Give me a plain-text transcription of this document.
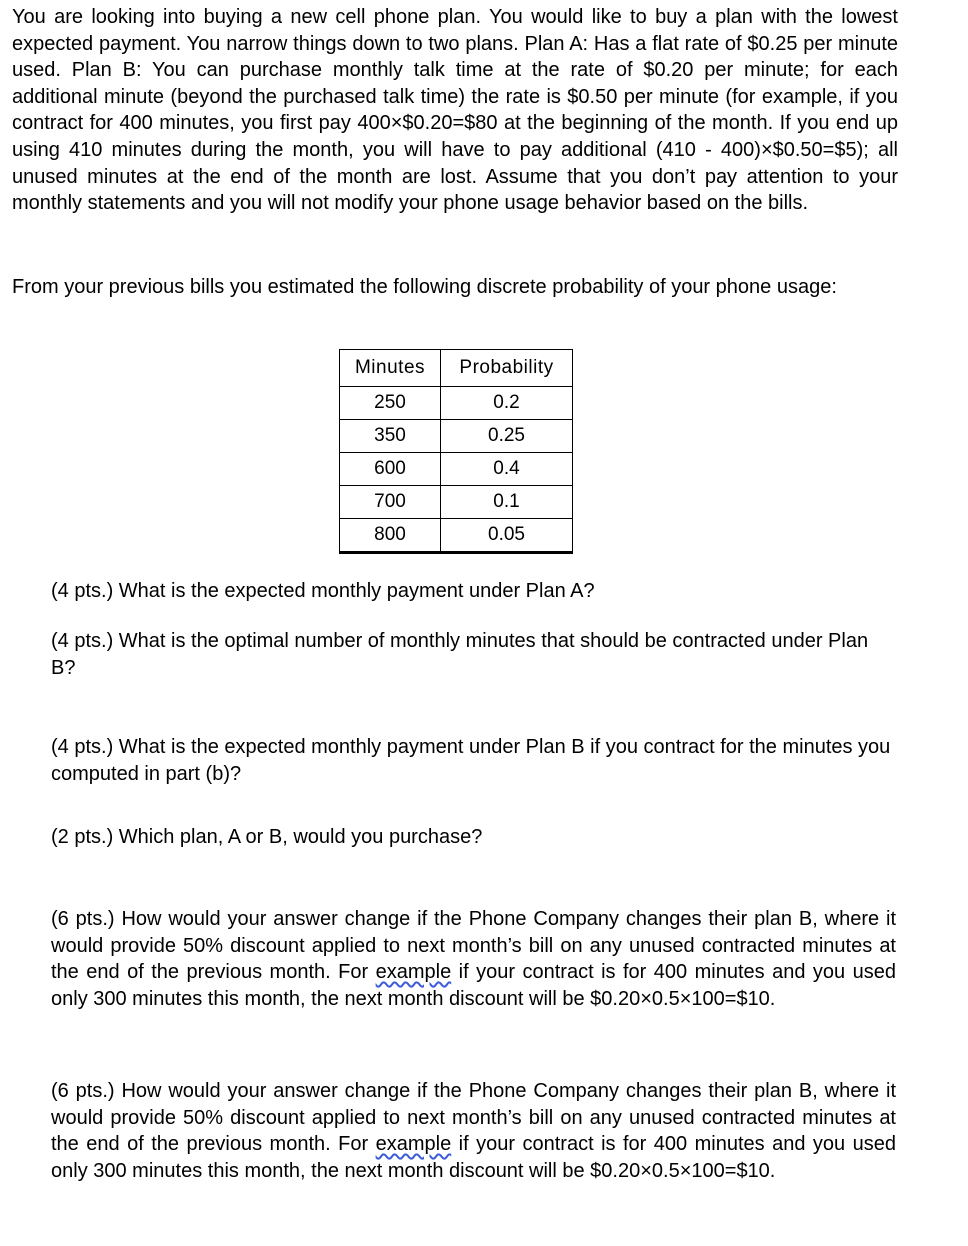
You are looking into buying a new cell phone plan. You would like to buy a plan with the lowest expected payment. You narrow things down to two plans. Plan A: Has a flat rate of $0.25 per minute used. Plan B: You can purchase monthly talk time at the rate of $0.20 per minute; for each additional minute (beyond the purchased talk time) the rate is $0.50 per minute (for example, if you contract for 400 minutes, you first pay 400×$0.20=$80 at the beginning of the month. If you end up using 410 minutes during the month, you will have to pay additional (410 - 400)×$0.50=$5); all unused minutes at the end of the month are lost. Assume that you don’t pay attention to your monthly statements and you will not modify your phone usage behavior based on the bills.

From your previous bills you estimated the following discrete probability of your phone usage:

Minutes	Probability
250	0.2
350	0.25
600	0.4
700	0.1
800	0.05
(4 pts.) What is the expected monthly payment under Plan A?
(4 pts.) What is the optimal number of monthly minutes that should be contracted under Plan B?
(4 pts.) What is the expected monthly payment under Plan B if you contract for the minutes you computed in part (b)?
(2 pts.) Which plan, A or B, would you purchase?
(6 pts.) How would your answer change if the Phone Company changes their plan B, where it would provide 50% discount applied to next month’s bill on any unused contracted minutes at the end of the previous month. For example if your contract is for 400 minutes and you used only 300 minutes this month, the next month discount will be $0.20×0.5×100=$10.
(6 pts.) How would your answer change if the Phone Company changes their plan B, where it would provide 50% discount applied to next month’s bill on any unused contracted minutes at the end of the previous month. For example if your contract is for 400 minutes and you used only 300 minutes this month, the next month discount will be $0.20×0.5×100=$10.
